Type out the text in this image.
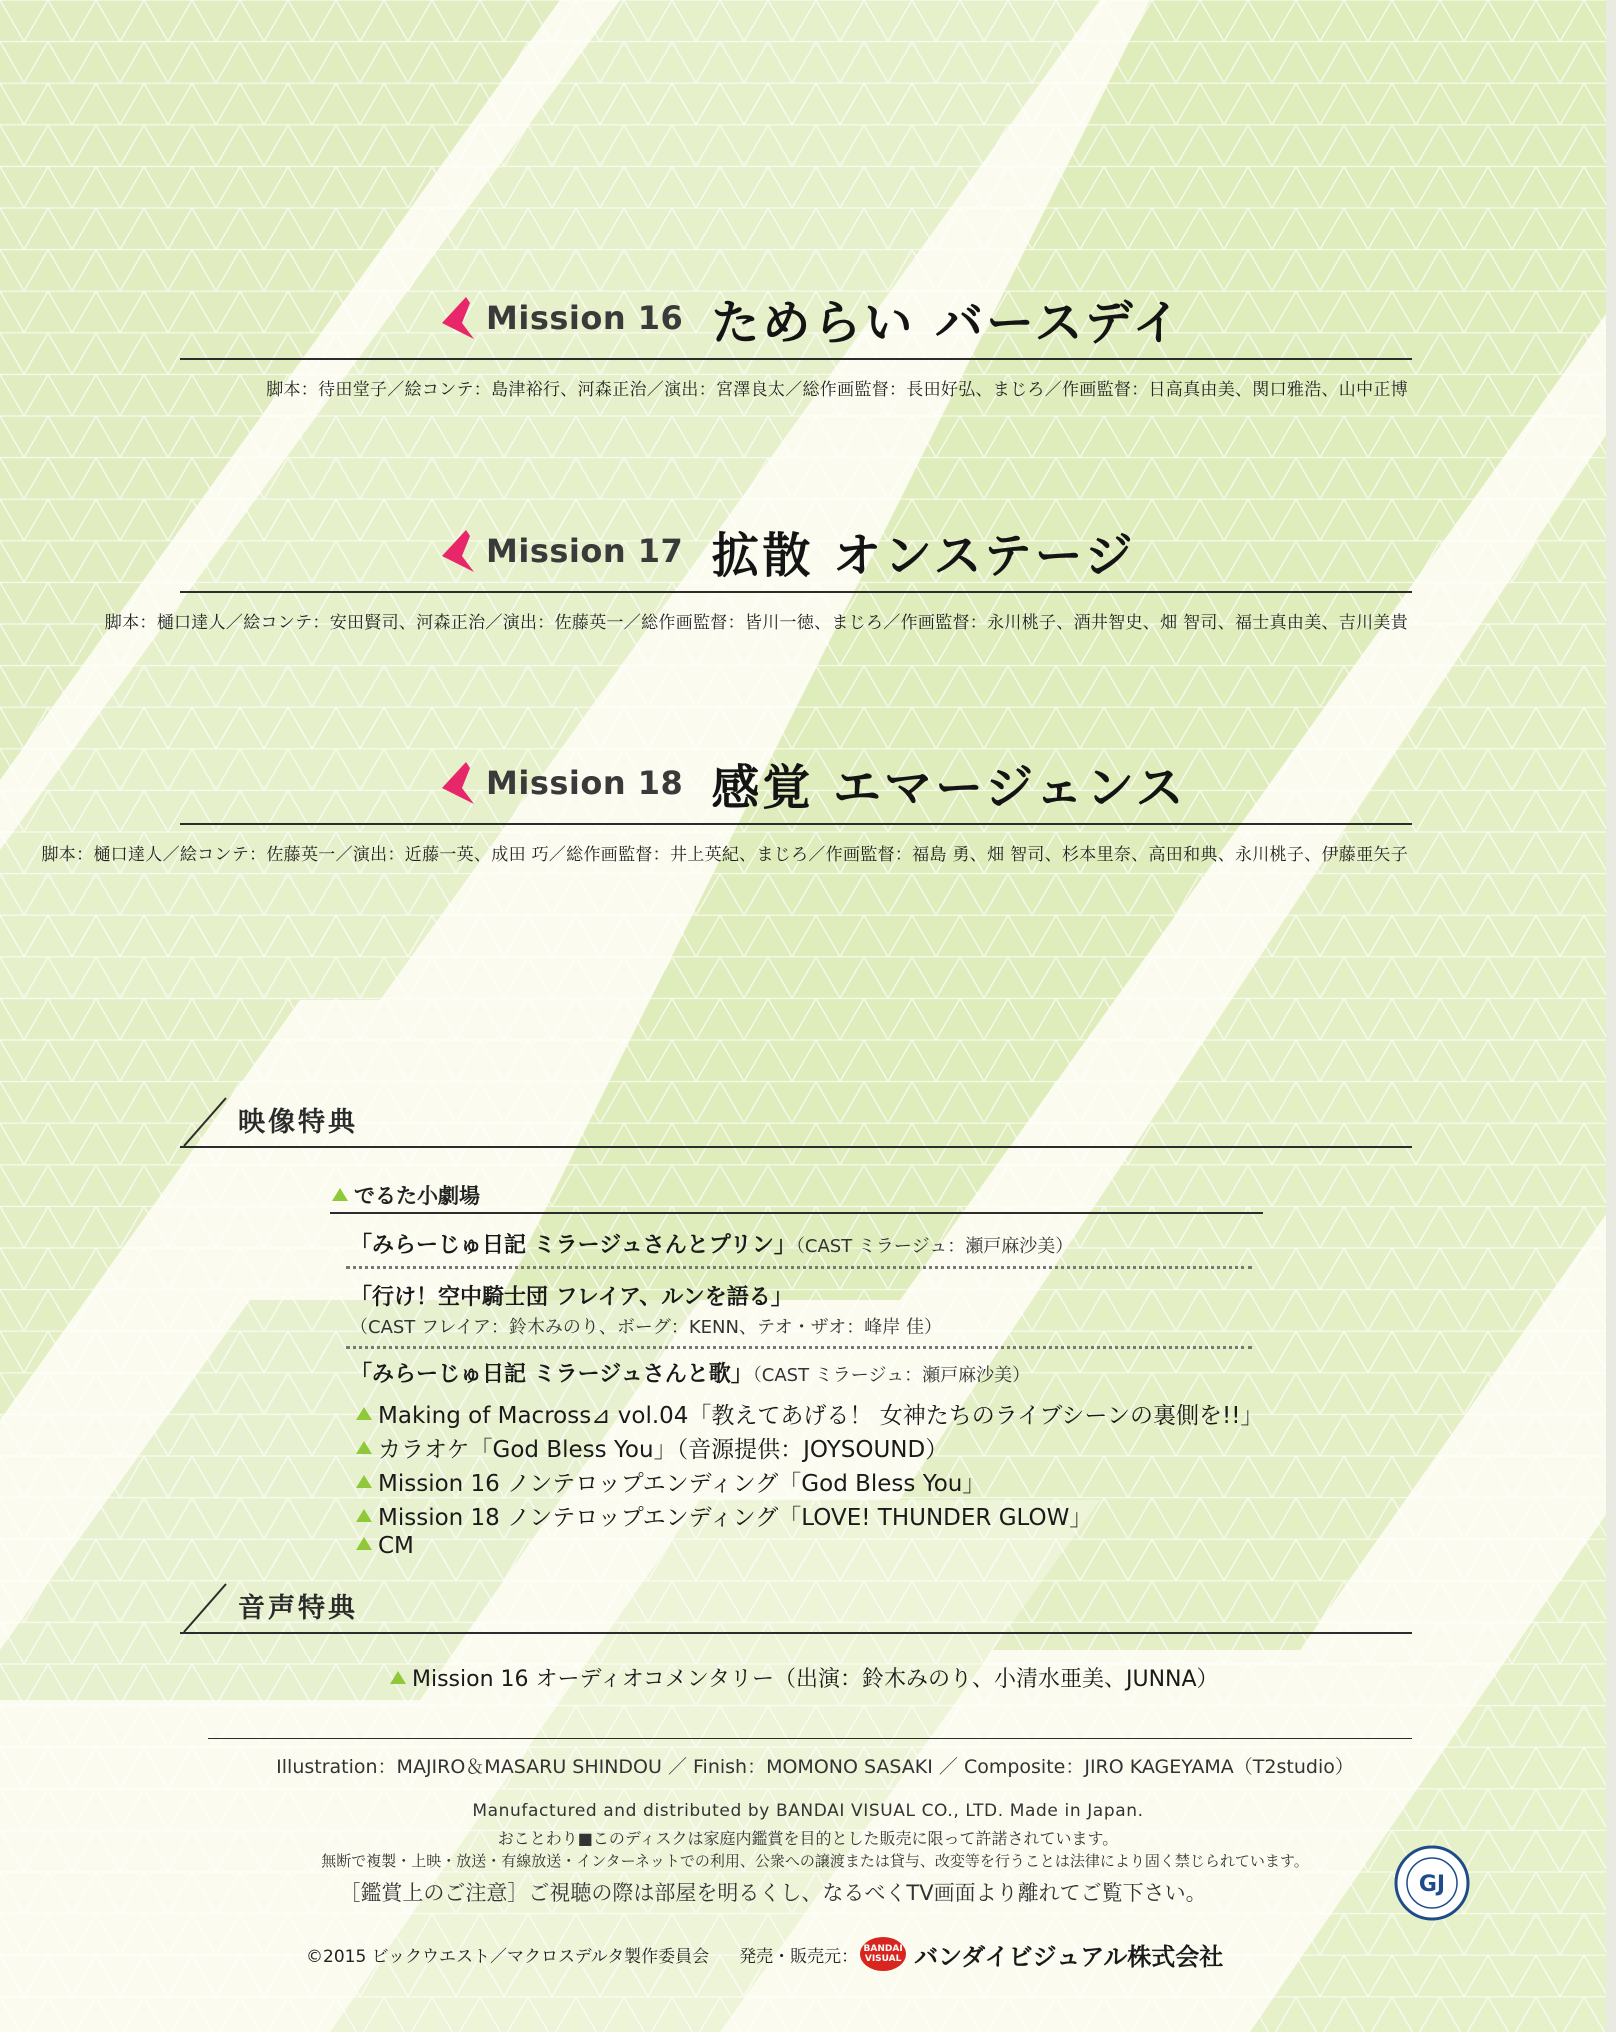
Mission 16 ためらい バースデイ
脚本：待田堂子／絵コンテ：島津裕行、河森正治／演出：宮澤良太／総作画監督：長田好弘、まじろ／作画監督：日高真由美、関口雅浩、山中正博
Mission 17 拡散 オンステージ
脚本：樋口達人／絵コンテ：安田賢司、河森正治／演出：佐藤英一／総作画監督：皆川一徳、まじろ／作画監督：永川桃子、酒井智史、畑 智司、福士真由美、吉川美貴
Mission 18 感覚 エマージェンス
脚本：樋口達人／絵コンテ：佐藤英一／演出：近藤一英、成田 巧／総作画監督：井上英紀、まじろ／作画監督：福島 勇、畑 智司、杉本里奈、高田和典、永川桃子、伊藤亜矢子
映像特典
でるた小劇場
「みらーじゅ日記 ミラージュさんとプリン」（CAST ミラージュ：瀬戸麻沙美）
「行け！空中騎士団 フレイア、ルンを語る」
（CAST フレイア：鈴木みのり、ボーグ：KENN、テオ・ザオ：峰岸 佳）
「みらーじゅ日記 ミラージュさんと歌」（CAST ミラージュ：瀬戸麻沙美）
Making of Macross⊿ vol.04「教えてあげる！ 女神たちのライブシーンの裏側を!!」
カラオケ「God Bless You」（音源提供：JOYSOUND）
Mission 16 ノンテロップエンディング「God Bless You」
Mission 18 ノンテロップエンディング「LOVE! THUNDER GLOW」
CM
音声特典
Mission 16 オーディオコメンタリー（出演：鈴木みのり、小清水亜美、JUNNA）
Illustration：MAJIRO＆MASARU SHINDOU ／ Finish：MOMONO SASAKI ／ Composite：JIRO KAGEYAMA（T2studio）
Manufactured and distributed by BANDAI VISUAL CO., LTD. Made in Japan.
おことわり■このディスクは家庭内鑑賞を目的とした販売に限って許諾されています。
無断で複製・上映・放送・有線放送・インターネットでの利用、公衆への譲渡または貸与、改変等を行うことは法律により固く禁じられています。
［鑑賞上のご注意］ご視聴の際は部屋を明るくし、なるべくTV画面より離れてご覧下さい。	GJ
©2015 ビックウエスト／マクロスデルタ製作委員会 発売・販売元： BANDAI
VISUAL バンダイビジュアル株式会社
